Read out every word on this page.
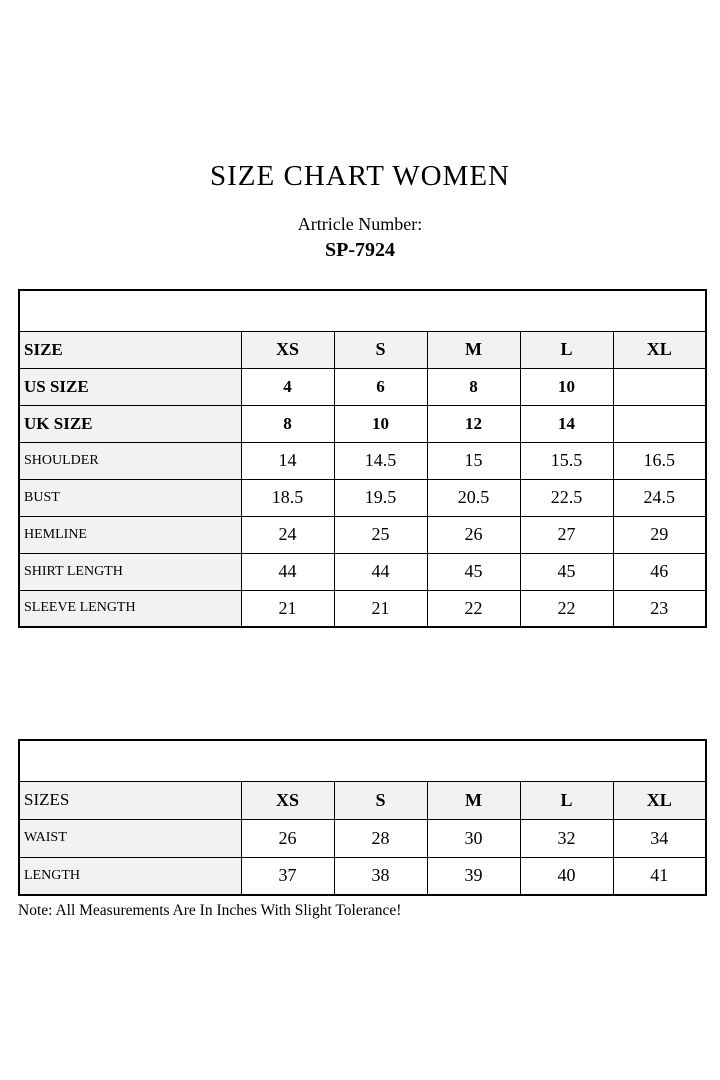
SIZE CHART WOMEN
Artricle Number:
SP-7924
SHIRT					
SIZE	XS	S	M	L	XL
US SIZE	4	6	8	10	
UK SIZE	8	10	12	14	
SHOULDER	14	14.5	15	15.5	16.5
BUST	18.5	19.5	20.5	22.5	24.5
HEMLINE	24	25	26	27	29
SHIRT LENGTH	44	44	45	45	46
SLEEVE LENGTH	21	21	22	22	23
TROUSER					
SIZES	XS	S	M	L	XL
WAIST	26	28	30	32	34
LENGTH	37	38	39	40	41
Note: All Measurements Are In Inches With Slight Tolerance!
